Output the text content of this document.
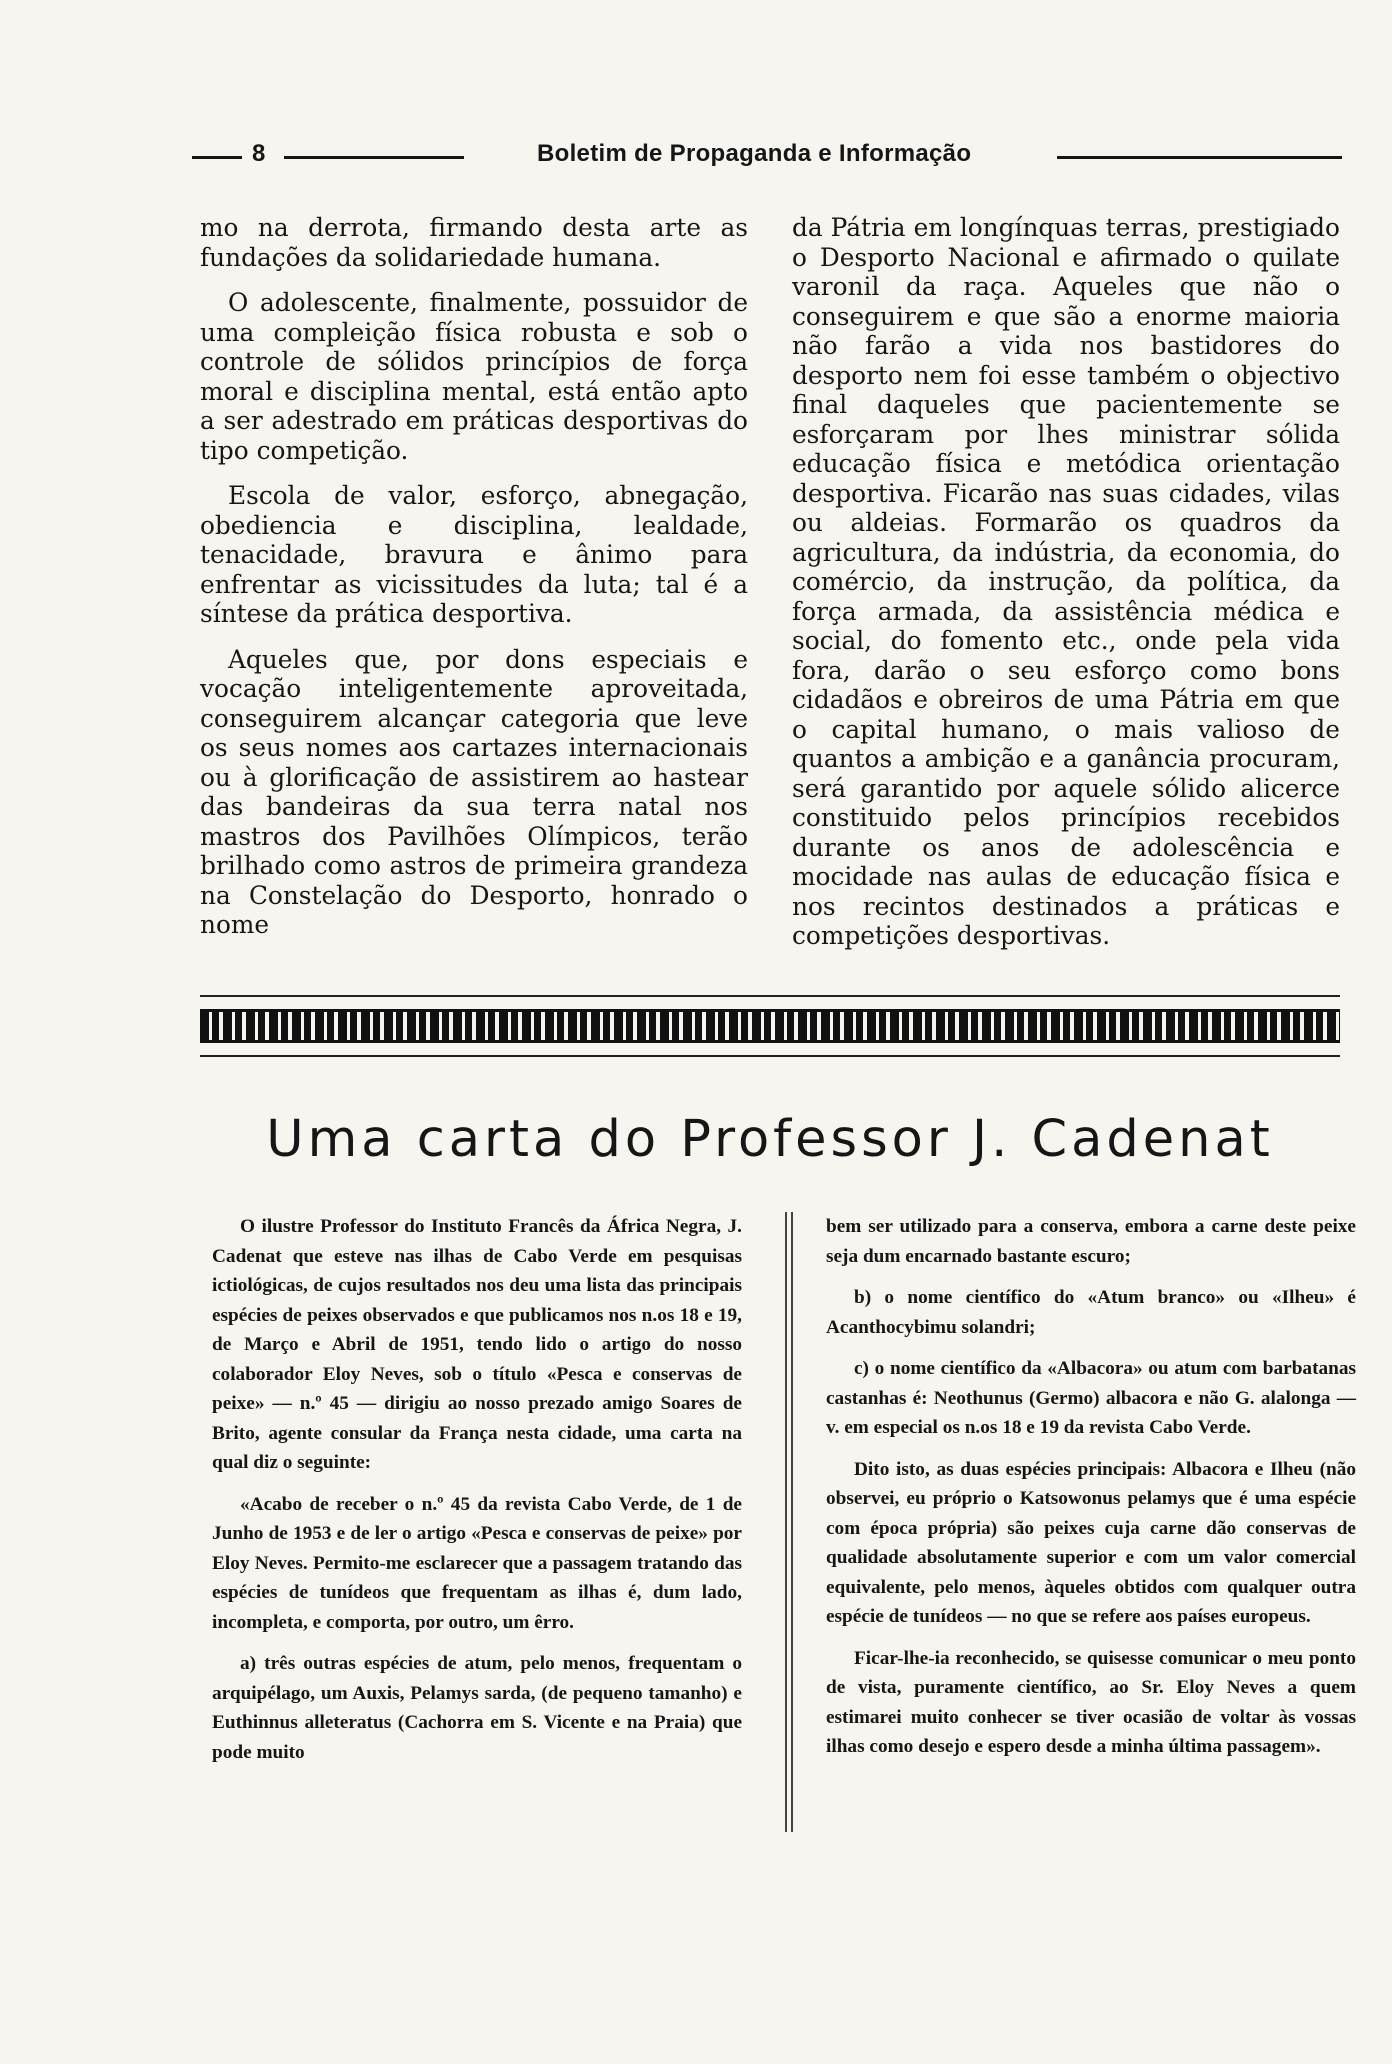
8	Boletim de Propaganda e Informação

mo na derrota, firmando desta arte as fundações da solidariedade humana.

O adolescente, finalmente, possuidor de uma compleição física robusta e sob o controle de sólidos princípios de força moral e disciplina mental, está então apto a ser adestrado em práticas desportivas do tipo competição.

Escola de valor, esforço, abnegação, obediencia e disciplina, lealdade, tenacidade, bravura e ânimo para enfrentar as vicissitudes da luta; tal é a síntese da prática desportiva.

Aqueles que, por dons especiais e vocação inteligentemente aproveitada, conseguirem alcançar categoria que leve os seus nomes aos cartazes internacionais ou à glorificação de assistirem ao hastear das bandeiras da sua terra natal nos mastros dos Pavilhões Olímpicos, terão brilhado como astros de primeira grandeza na Constelação do Desporto, honrado o nome

da Pátria em longínquas terras, prestigiado o Desporto Nacional e afirmado o quilate varonil da raça. Aqueles que não o conseguirem e que são a enorme maioria não farão a vida nos bastidores do desporto nem foi esse também o objectivo final daqueles que pacientemente se esforçaram por lhes ministrar sólida educação física e metódica orientação desportiva. Ficarão nas suas cidades, vilas ou aldeias. Formarão os quadros da agricultura, da indústria, da economia, do comércio, da instrução, da política, da força armada, da assistência médica e social, do fomento etc., onde pela vida fora, darão o seu esforço como bons cidadãos e obreiros de uma Pátria em que o capital humano, o mais valioso de quantos a ambição e a ganância procuram, será garantido por aquele sólido alicerce constituido pelos princípios recebidos durante os anos de adolescência e mocidade nas aulas de educação física e nos recintos destinados a práticas e competições desportivas.

Uma carta do Professor J. Cadenat

O ilustre Professor do Instituto Francês da África Negra, J. Cadenat que esteve nas ilhas de Cabo Verde em pesquisas ictiológicas, de cujos resultados nos deu uma lista das principais espécies de peixes observados e que publicamos nos n.os 18 e 19, de Março e Abril de 1951, tendo lido o artigo do nosso colaborador Eloy Neves, sob o título «Pesca e conservas de peixe» — n.º 45 — dirigiu ao nosso prezado amigo Soares de Brito, agente consular da França nesta cidade, uma carta na qual diz o seguinte:

«Acabo de receber o n.º 45 da revista Cabo Verde, de 1 de Junho de 1953 e de ler o artigo «Pesca e conservas de peixe» por Eloy Neves. Permito-me esclarecer que a passagem tratando das espécies de tunídeos que frequentam as ilhas é, dum lado, incompleta, e comporta, por outro, um êrro.

a) três outras espécies de atum, pelo menos, frequentam o arquipélago, um Auxis, Pelamys sarda, (de pequeno tamanho) e Euthinnus alleteratus (Cachorra em S. Vicente e na Praia) que pode muito

bem ser utilizado para a conserva, embora a carne deste peixe seja dum encarnado bastante escuro;

b) o nome científico do «Atum branco» ou «Ilheu» é Acanthocybimu solandri;

c) o nome científico da «Albacora» ou atum com barbatanas castanhas é: Neothunus (Germo) albacora e não G. alalonga — v. em especial os n.os 18 e 19 da revista Cabo Verde.

Dito isto, as duas espécies principais: Albacora e Ilheu (não observei, eu próprio o Katsowonus pelamys que é uma espécie com época própria) são peixes cuja carne dão conservas de qualidade absolutamente superior e com um valor comercial equivalente, pelo menos, àqueles obtidos com qualquer outra espécie de tunídeos — no que se refere aos países europeus.

Ficar-lhe-ia reconhecido, se quisesse comunicar o meu ponto de vista, puramente científico, ao Sr. Eloy Neves a quem estimarei muito conhecer se tiver ocasião de voltar às vossas ilhas como desejo e espero desde a minha última passagem».
